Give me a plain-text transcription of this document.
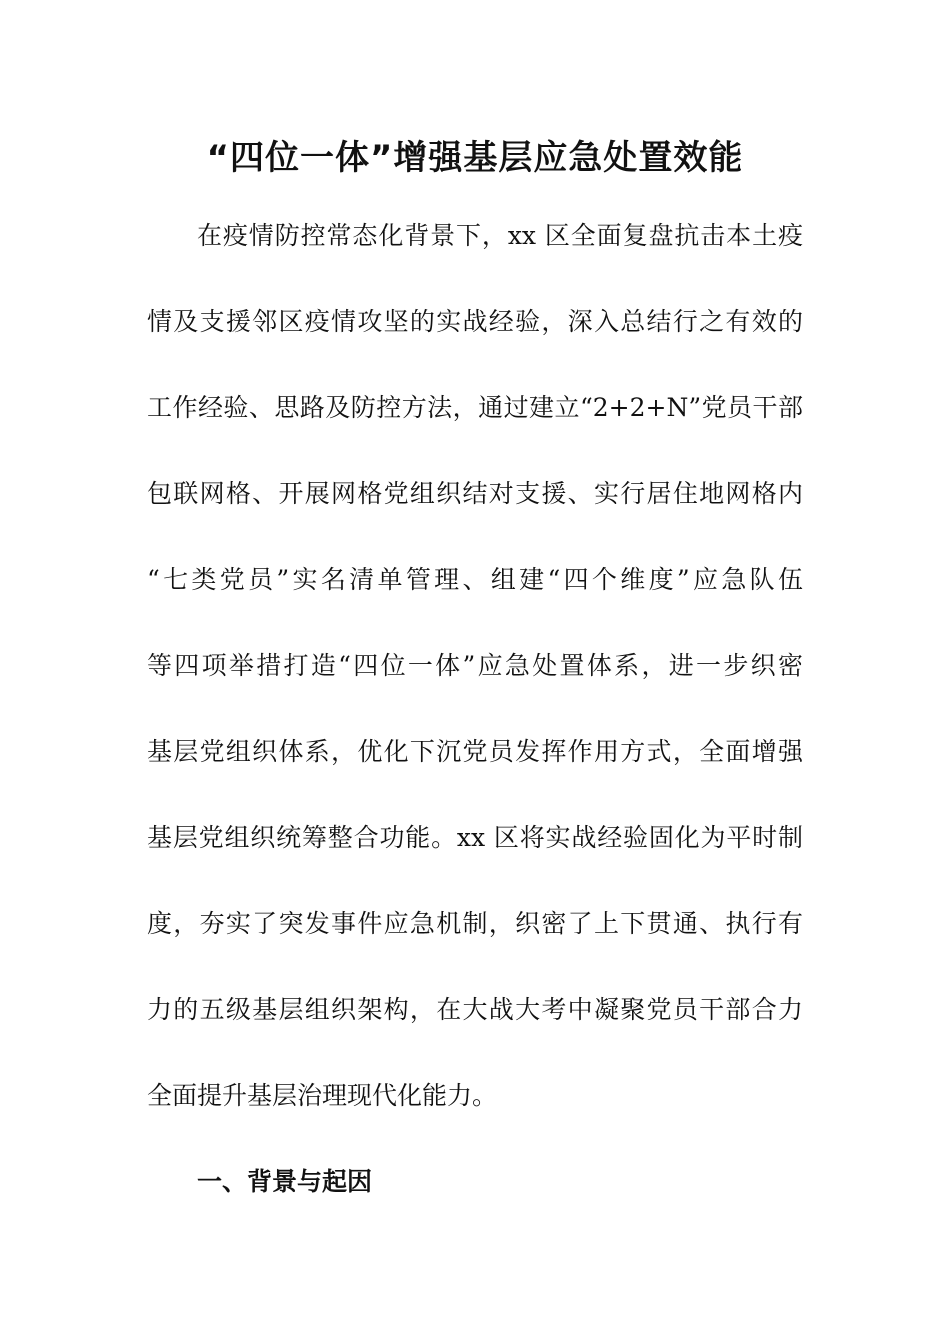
“四位一体”增强基层应急处置效能

在疫情防控常态化背景下，xx 区全面复盘抗击本土疫

情及支援邻区疫情攻坚的实战经验，深入总结行之有效的

工作经验、思路及防控方法，通过建立“2+2+N”党员干部

包联网格、开展网格党组织结对支援、实行居住地网格内

“七类党员”实名清单管理、组建“四个维度”应急队伍

等四项举措打造“四位一体”应急处置体系，进一步织密

基层党组织体系，优化下沉党员发挥作用方式，全面增强

基层党组织统筹整合功能。xx 区将实战经验固化为平时制

度，夯实了突发事件应急机制，织密了上下贯通、执行有

力的五级基层组织架构，在大战大考中凝聚党员干部合力

全面提升基层治理现代化能力。

一、背景与起因
